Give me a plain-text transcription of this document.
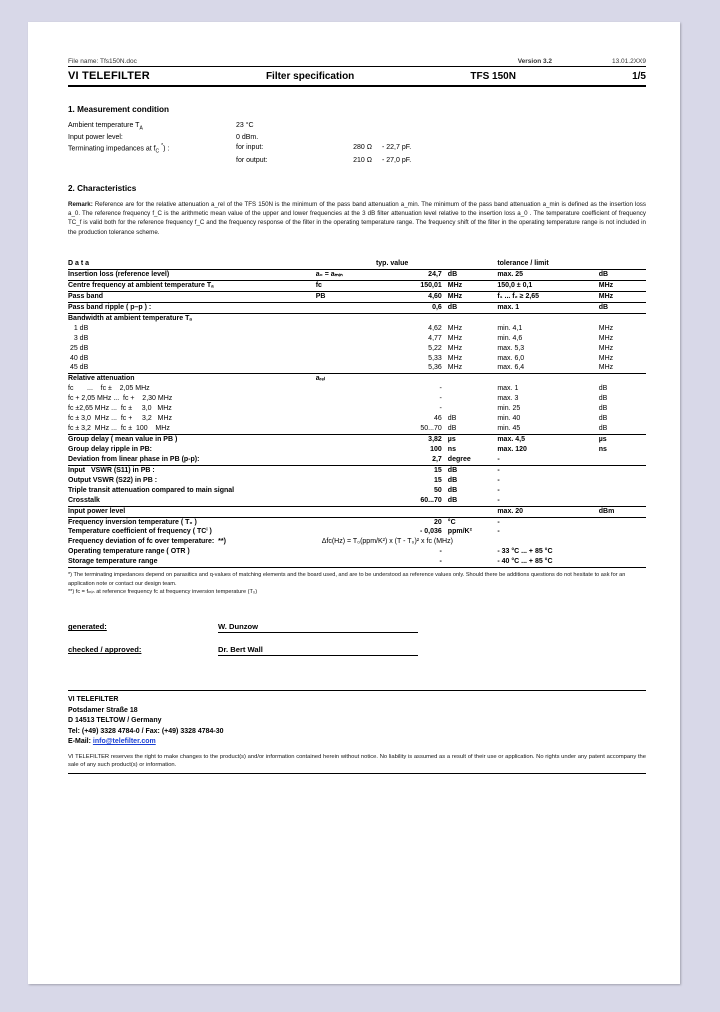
File name: Tfs150N.doc	Version 3.2	13.01.2XX9
VI TELEFILTER	Filter specification	TFS 150N	1/5
1. Measurement condition
Ambient temperature $T_A$	23 °C
Input power level:	0 dBm.
Terminating impedances at $f_C$ *) :	for input:	280 Ω	- 22,7 pF.

for output:	210 Ω	- 27,0 pF.
2. Characteristics
Remark: Reference are for the relative attenuation a_rel of the TFS 150N is the minimum of the pass band attenuation a_min. The minimum of the pass band attenuation a_min is defined as the insertion loss a_0. The reference frequency f_C is the arithmetic mean value of the upper and lower frequencies at the 3 dB filter attenuation level relative to the insertion loss a_0 . The temperature coefficient of frequency TC_f is valid both for the reference frequency f_C and the frequency response of the filter in the operating temperature range. The frequency shift of the filter in the operating temperature range is not included in the production tolerance scheme.
D a t a		typ. value		tolerance / limit	

Insertion loss (reference level)	a₀ = aₘᵢₙ	24,7	dB	max. 25	dB

Centre frequency at ambient temperature Tₐ	fᴄ	150,01	MHz	150,0 ± 0,1	MHz

Pass band	PB	4,60	MHz	f₁ ... f₂ ≥ 2,65	MHz

Pass band ripple ( p–p ) :		0,6	dB	max. 1	dB

Bandwidth at ambient temperature Tₐ					
1 dB		4,62	MHz	min. 4,1	MHz
3 dB		4,77	MHz	min. 4,6	MHz
25 dB		5,22	MHz	max. 5,3	MHz
40 dB		5,33	MHz	max. 6,0	MHz
45 dB		5,36	MHz	max. 6,4	MHz

Relative attenuation	aᵣₑₗ				
fᴄ       ...    fᴄ ±    2,05 MHz		-		max. 1	dB
fᴄ + 2,05 MHz ...  fᴄ +    2,30 MHz		-		max. 3	dB
fᴄ ±2,65 MHz ...  fᴄ ±     3,0   MHz		-		min. 25	dB
fᴄ ± 3,0  MHz ...  fᴄ +     3,2   MHz		46	dB	min. 40	dB
fᴄ ± 3,2  MHz ...  fᴄ ±  100    MHz		50...70	dB	min. 45	dB

Group delay ( mean value in PB )		3,82	µs	max. 4,5	µs
Group delay ripple in PB:		100	ns	max. 120	ns
Deviation from linear phase in PB (p-p):		2,7	degree	-	

Input   VSWR (S11) in PB :		15	dB	-	
Output VSWR (S22) in PB :		15	dB	-	
Triple transit attenuation compared to main signal		50	dB	-	
Crosstalk		60...70	dB	-	

Input power level				max. 20	dBm

Frequency inversion temperature ( T₀ )		20	°C	-	
Temperature coefficient of frequency ( TCⁱ )		- 0,036	ppm/K²	-	
Frequency deviation of fᴄ over temperature:  **)	Δfᴄ(Hz) = T₀(ppm/K²) x (T - T₀)² x fᴄ (MHz)				
Operating temperature range ( OTR )		-		- 33 °C ... + 85 °C	
Storage temperature range		-		- 40 °C ... + 85 °C	

*) The terminating impedances depend on parasitics and q-values of matching elements and the board used, and are to be understood as reference values only. Should there be additions questions do not hesitate to ask for an application note or contact our design team.
**) fᴄ = fₘᵢₙ at reference frequency fᴄ at frequency inversion temperature (T₀)
generated:	W. Dunzow
checked / approved:	Dr. Bert Wall
VI TELEFILTER
Potsdamer Straße 18
D 14513 TELTOW / Germany
Tel: (+49) 3328 4784-0 / Fax: (+49) 3328 4784-30
E-Mail: info@telefilter.com
VI TELEFILTER reserves the right to make changes to the product(s) and/or information contained herein without notice. No liability is assumed as a result of their use or application. No rights under any patent accompany the sale of any such product(s) or information.
